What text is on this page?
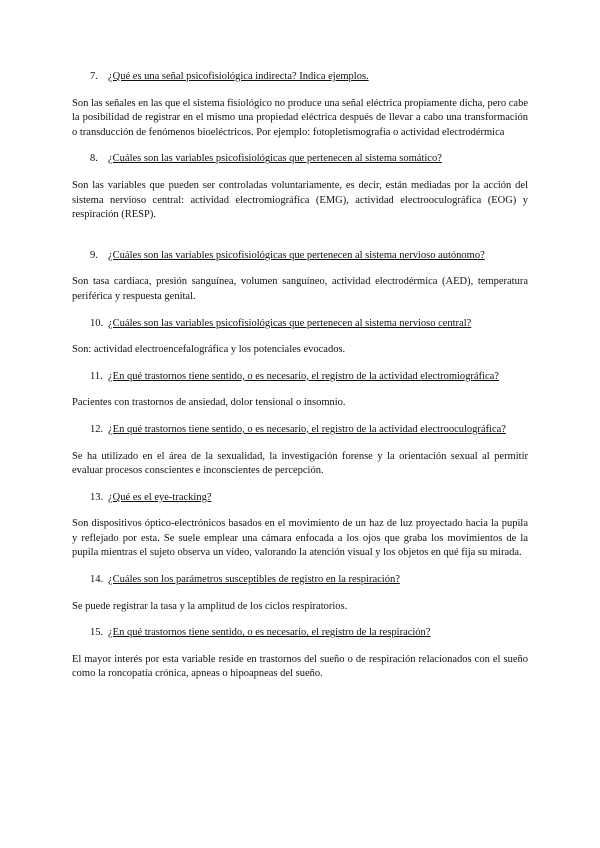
7. ¿Qué es una señal psicofisiológica indirecta? Indica ejemplos.

Son las señales en las que el sistema fisiológico no produce una señal eléctrica propiamente dicha, pero cabe la posibilidad de registrar en el mismo una propiedad eléctrica después de llevar a cabo una transformación o transducción de fenómenos bioeléctricos. Por ejemplo: fotopletismografía o actividad electrodérmica

8. ¿Cuáles son las variables psicofisiológicas que pertenecen al sistema somático?

Son las variables que pueden ser controladas voluntariamente, es decir, están mediadas por la acción del sistema nervioso central: actividad electromiográfica (EMG), actividad electrooculográfica (EOG) y respiración (RESP).

9. ¿Cuáles son las variables psicofisiológicas que pertenecen al sistema nervioso autónomo?

Son tasa cardiaca, presión sanguínea, volumen sanguíneo, actividad electrodérmica (AED), temperatura periférica y respuesta genital.

10. ¿Cuáles son las variables psicofisiológicas que pertenecen al sistema nervioso central?

Son: actividad electroencefalográfica y los potenciales evocados.

11. ¿En qué trastornos tiene sentido, o es necesario, el registro de la actividad electromiográfica?

Pacientes con trastornos de ansiedad, dolor tensional o insomnio.

12. ¿En qué trastornos tiene sentido, o es necesario, el registro de la actividad electrooculográfica?

Se ha utilizado en el área de la sexualidad, la investigación forense y la orientación sexual al permitir evaluar procesos conscientes e inconscientes de percepción.

13. ¿Qué es el eye-tracking?

Son dispositivos óptico-electrónicos basados en el movimiento de un haz de luz proyectado hacia la pupila y reflejado por esta. Se suele emplear una cámara enfocada a los ojos que graba los movimientos de la pupila mientras el sujeto observa un video, valorando la atención visual y los objetos en qué fija su mirada.

14. ¿Cuáles son los parámetros susceptibles de registro en la respiración?

Se puede registrar la tasa y la amplitud de los ciclos respiratorios.

15. ¿En qué trastornos tiene sentido, o es necesario, el registro de la respiración?

El mayor interés por esta variable reside en trastornos del sueño o de respiración relacionados con el sueño como la roncopatía crónica, apneas o hipoapneas del sueño.
